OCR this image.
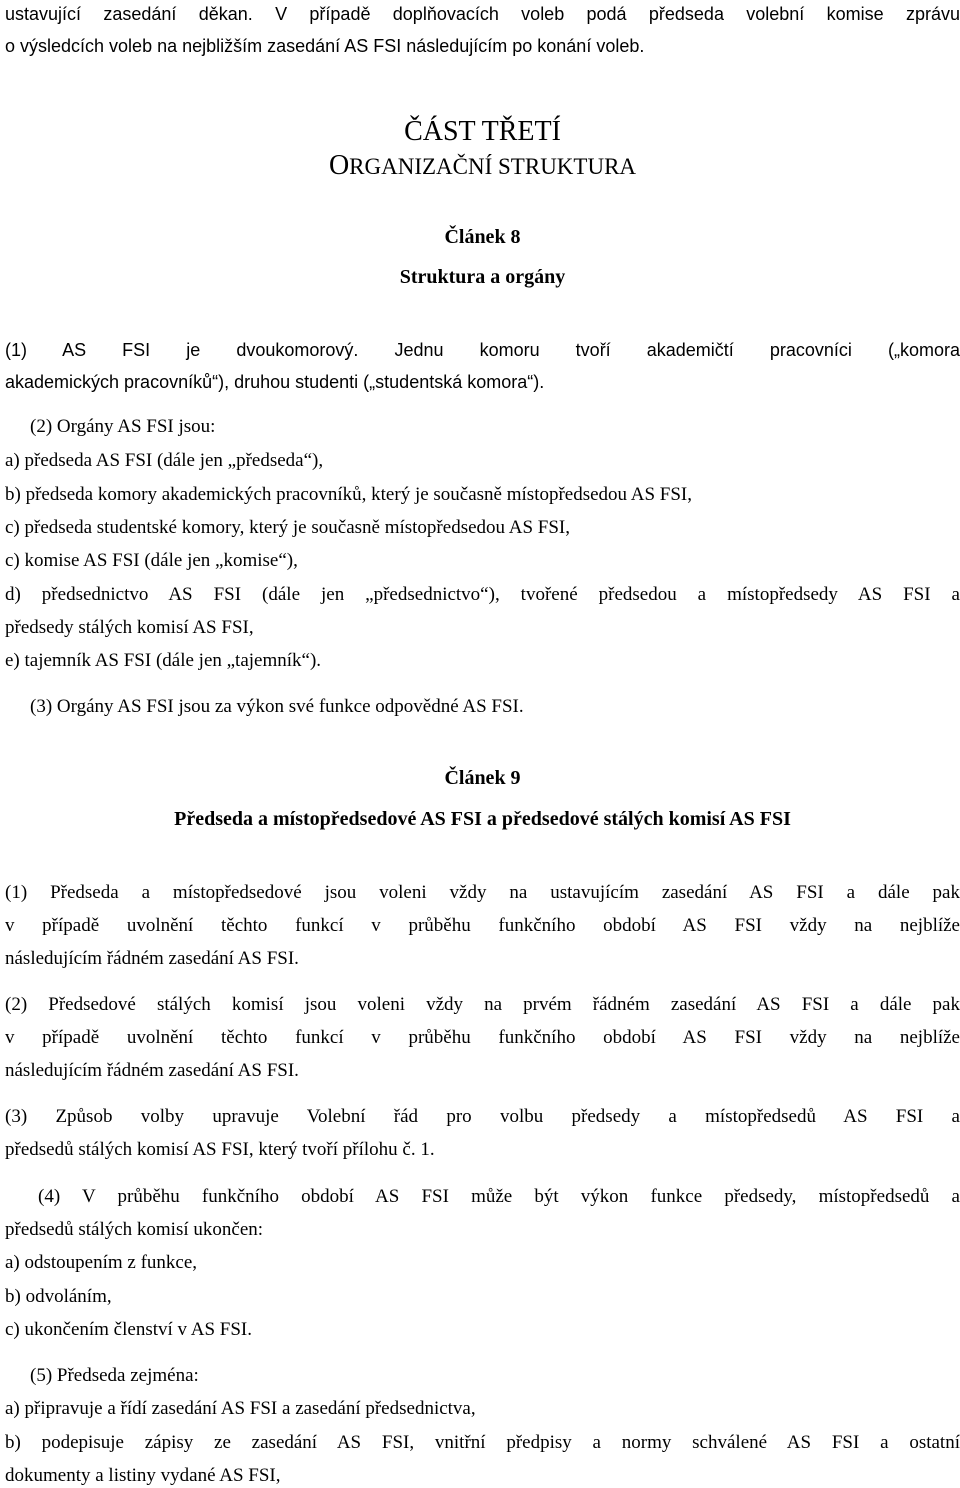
ustavující zasedání děkan. V případě doplňovacích voleb podá předseda volební komise zprávu
o výsledcích voleb na nejbližším zasedání AS FSI následujícím po konání voleb.
ČÁST TŘETÍ
ORGANIZAČNÍ STRUKTURA
Článek 8
Struktura a orgány
(1) AS FSI je dvoukomorový. Jednu komoru tvoří akademičtí pracovníci („komora
akademických pracovníků“), druhou studenti („studentská komora“).
(2) Orgány AS FSI jsou:
a) předseda AS FSI (dále jen „předseda“),
b) předseda komory akademických pracovníků, který je současně místopředsedou AS FSI,
c) předseda studentské komory, který je současně místopředsedou AS FSI,
c) komise AS FSI (dále jen „komise“),
d) předsednictvo AS FSI (dále jen „předsednictvo“), tvořené předsedou a místopředsedy AS FSI a
předsedy stálých komisí AS FSI,
e) tajemník AS FSI (dále jen „tajemník“).
(3) Orgány AS FSI jsou za výkon své funkce odpovědné AS FSI.
Článek 9
Předseda a místopředsedové AS FSI a předsedové stálých komisí AS FSI
(1) Předseda a místopředsedové jsou voleni vždy na ustavujícím zasedání AS FSI a dále pak
v případě uvolnění těchto funkcí v průběhu funkčního období AS FSI vždy na nejblíže
následujícím řádném zasedání AS FSI.
(2) Předsedové stálých komisí jsou voleni vždy na prvém řádném zasedání AS FSI a dále pak
v případě uvolnění těchto funkcí v průběhu funkčního období AS FSI vždy na nejblíže
následujícím řádném zasedání AS FSI.
(3) Způsob volby upravuje Volební řád pro volbu předsedy a místopředsedů AS FSI a
předsedů stálých komisí AS FSI, který tvoří přílohu č. 1.
(4) V průběhu funkčního období AS FSI může být výkon funkce předsedy, místopředsedů a
předsedů stálých komisí ukončen:
a) odstoupením z funkce,
b) odvoláním,
c) ukončením členství v AS FSI.
(5) Předseda zejména:
a) připravuje a řídí zasedání AS FSI a zasedání předsednictva,
b) podepisuje zápisy ze zasedání AS FSI, vnitřní předpisy a normy schválené AS FSI a ostatní
dokumenty a listiny vydané AS FSI,
